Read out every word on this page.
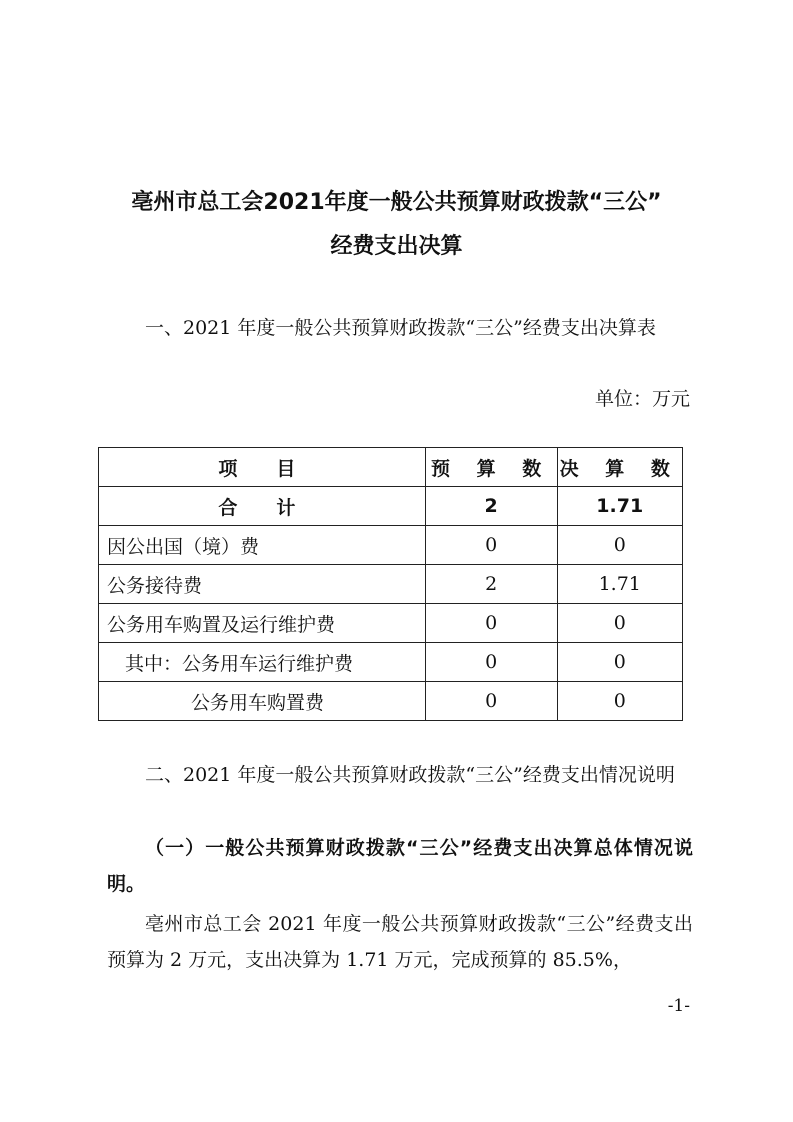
亳州市总工会2021年度一般公共预算财政拨款“三公”
经费支出决算
一、2021 年度一般公共预算财政拨款“三公”经费支出决算表
单位：万元
项　目	预 算 数	决 算 数
合　计	2	1.71
因公出国（境）费	0	0
公务接待费	2	1.71
公务用车购置及运行维护费	0	0
其中：公务用车运行维护费	0	0
公务用车购置费	0	0
二、2021 年度一般公共预算财政拨款“三公”经费支出情况说明
（一）一般公共预算财政拨款“三公”经费支出决算总体情况说明。
亳州市总工会 2021 年度一般公共预算财政拨款“三公”经费支出预算为 2 万元，支出决算为 1.71 万元，完成预算的 85.5%，
-1-
